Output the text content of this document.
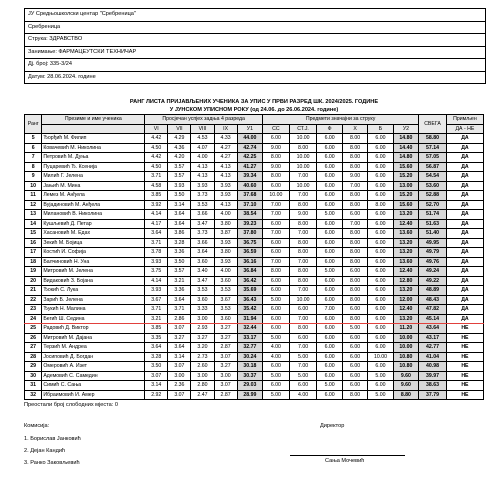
ЈУ Средњошколски центар "Сребреница"
Сребреница
Струка: ЗДРАВСТВО
Занимање: ФАРМАЦЕУТСКИ ТЕХНИЧАР
Дј. број: 335-3/24
Датум: 28.06.2024. године
РАНГ ЛИСТА ПРИЈАВЉЕНИХ УЧЕНИКА ЗА УПИС У ПРВИ РАЗРЕД ШК. 2024/2025. ГОДИНЕ
У ЈУНСКОМ УПИСНОМ РОКУ (од 24.06. до 26.06.2024. године)
Ранг	Презиме и име ученика	Просјечан успјех задња 4 разреда					Предмети значајни за струку						СВЕГА	Примљен
		VI	VII	VIII	IX	У1	СС	СТ.Ј.	Ф	Х	Б	У2		ДА - НЕ
5	Ђорђић М. Филип	4.42	4.29	4.53	4.33	44.00	6.00	10.00	6.00	8.00	6.00	14.80	58.80	ДА
6	Ковачевић М. Николина	4.50	4.36	4.07	4.27	42.74	9.00	8.00	6.00	8.00	6.00	14.40	57.14	ДА
7	Петровић М. Дуња	4.42	4.20	4.00	4.27	42.25	8.00	10.00	6.00	8.00	6.00	14.80	57.05	ДА
8	Пуцаревић Ђ. Ксенија	4.50	3.57	4.13	4.13	41.27	9.00	10.00	6.00	8.00	6.00	15.60	56.87	ДА
9	Милић Г. Јелена	3.71	3.57	4.13	4.13	39.34	8.00	7.00	6.00	9.00	6.00	15.20	54.54	ДА
10	Јањић М. Мина	4.58	3.93	3.93	3.93	40.60	6.00	10.00	6.00	7.00	6.00	13.00	53.60	ДА
11	Лемез М. Анђела	3.85	3.50	3.73	3.93	37.68	10.00	7.00	6.00	8.00	6.00	15.20	52.88	ДА
12	Вујадиновић М. Анђела	3.92	3.14	3.53	4.13	37.10	7.00	8.00	6.00	8.00	8.00	15.60	52.70	ДА
13	Милановић В. Николина	4.14	3.64	3.66	4.00	38.54	7.00	9.00	5.00	6.00	6.00	13.20	51.74	ДА
14	Кушљевић Д. Петар	4.17	3.64	3.47	3.80	39.23	6.00	8.00	6.00	7.00	6.00	12.40	51.63	ДА
15	Хасановић М. Едах	3.64	3.86	3.73	3.87	37.80	7.00	7.00	6.00	8.00	6.00	13.60	51.40	ДА
16	Зекић М. Бојица	3.71	3.28	3.66	3.93	36.75	6.00	8.00	6.00	8.00	6.00	13.20	49.95	ДА
17	Костић И. Софија	3.78	3.36	3.64	3.80	36.59	6.00	8.00	6.00	8.00	6.00	13.20	49.79	ДА
18	Балчиновић Н. Уна	3.93	3.50	3.60	3.93	36.16	7.00	7.00	6.00	8.00	6.00	13.60	49.76	ДА
19	Митровић М. Јелена	3.75	3.57	3.40	4.00	36.84	8.00	8.00	5.00	6.00	6.00	12.40	49.24	ДА
20	Видаковић З. Бојана	4.14	3.21	3.47	3.60	36.42	6.00	8.00	6.00	8.00	6.00	12.80	49.22	ДА
21	Ђокић С. Лука	3.93	3.36	3.53	3.53	35.69	6.00	7.00	6.00	8.00	6.00	13.20	48.89	ДА
22	Зарић Б. Јелена	3.67	3.64	3.60	3.67	36.43	5.00	10.00	6.00	8.00	6.00	12.00	48.43	ДА
23	Ђукић Н. Малина	3.71	3.71	3.33	3.53	35.42	6.00	6.00	7.00	6.00	6.00	12.40	47.82	ДА
24	Бегић Ш. Седина	3.21	2.86	3.00	3.60	31.94	6.00	7.00	6.00	8.00	6.00	13.20	45.14	ДА
25	Радовић Д. Виктор	3.85	3.07	2.93	3.27	32.44	6.00	8.00	6.00	5.00	6.00	11.20	43.64	НЕ
26	Митровић М. Дајана	3.35	3.27	3.27	3.27	33.17	5.00	6.00	6.00	6.00	6.00	10.00	43.17	НЕ
27	Терзић М. Андреа	3.64	3.64	3.20	2.87	32.77	4.00	7.00	6.00	6.00	6.00	10.00	42.77	НЕ
28	Јосиповић Д. Богдан	3.28	3.14	2.73	3.07	30.24	4.00	5.00	6.00	6.00	10.00	10.80	41.04	НЕ
29	Омеровић А. Изет	3.50	3.07	2.60	3.27	30.18	6.00	7.00	6.00	6.00	6.00	10.80	40.98	НЕ
30	Адемовић С. Самедин	3.07	3.00	3.00	3.00	30.37	5.00	5.00	6.00	6.00	5.00	9.60	39.97	НЕ
31	Симић С. Сања	3.14	2.36	2.80	3.07	29.03	6.00	6.00	5.00	6.00	6.00	9.60	38.63	НЕ
32	Ибраимовић И. Амер	2.92	3.07	2.47	2.87	28.99	5.00	4.00	6.00	8.00	5.00	8.80	37.79	НЕ
Преостали број слободних мјеста: 0
Комисија:	Директор
1. Борислав Јанковић
2. Дејан Кандић
3. Ранко Заковљевић	Сања Мочевић
